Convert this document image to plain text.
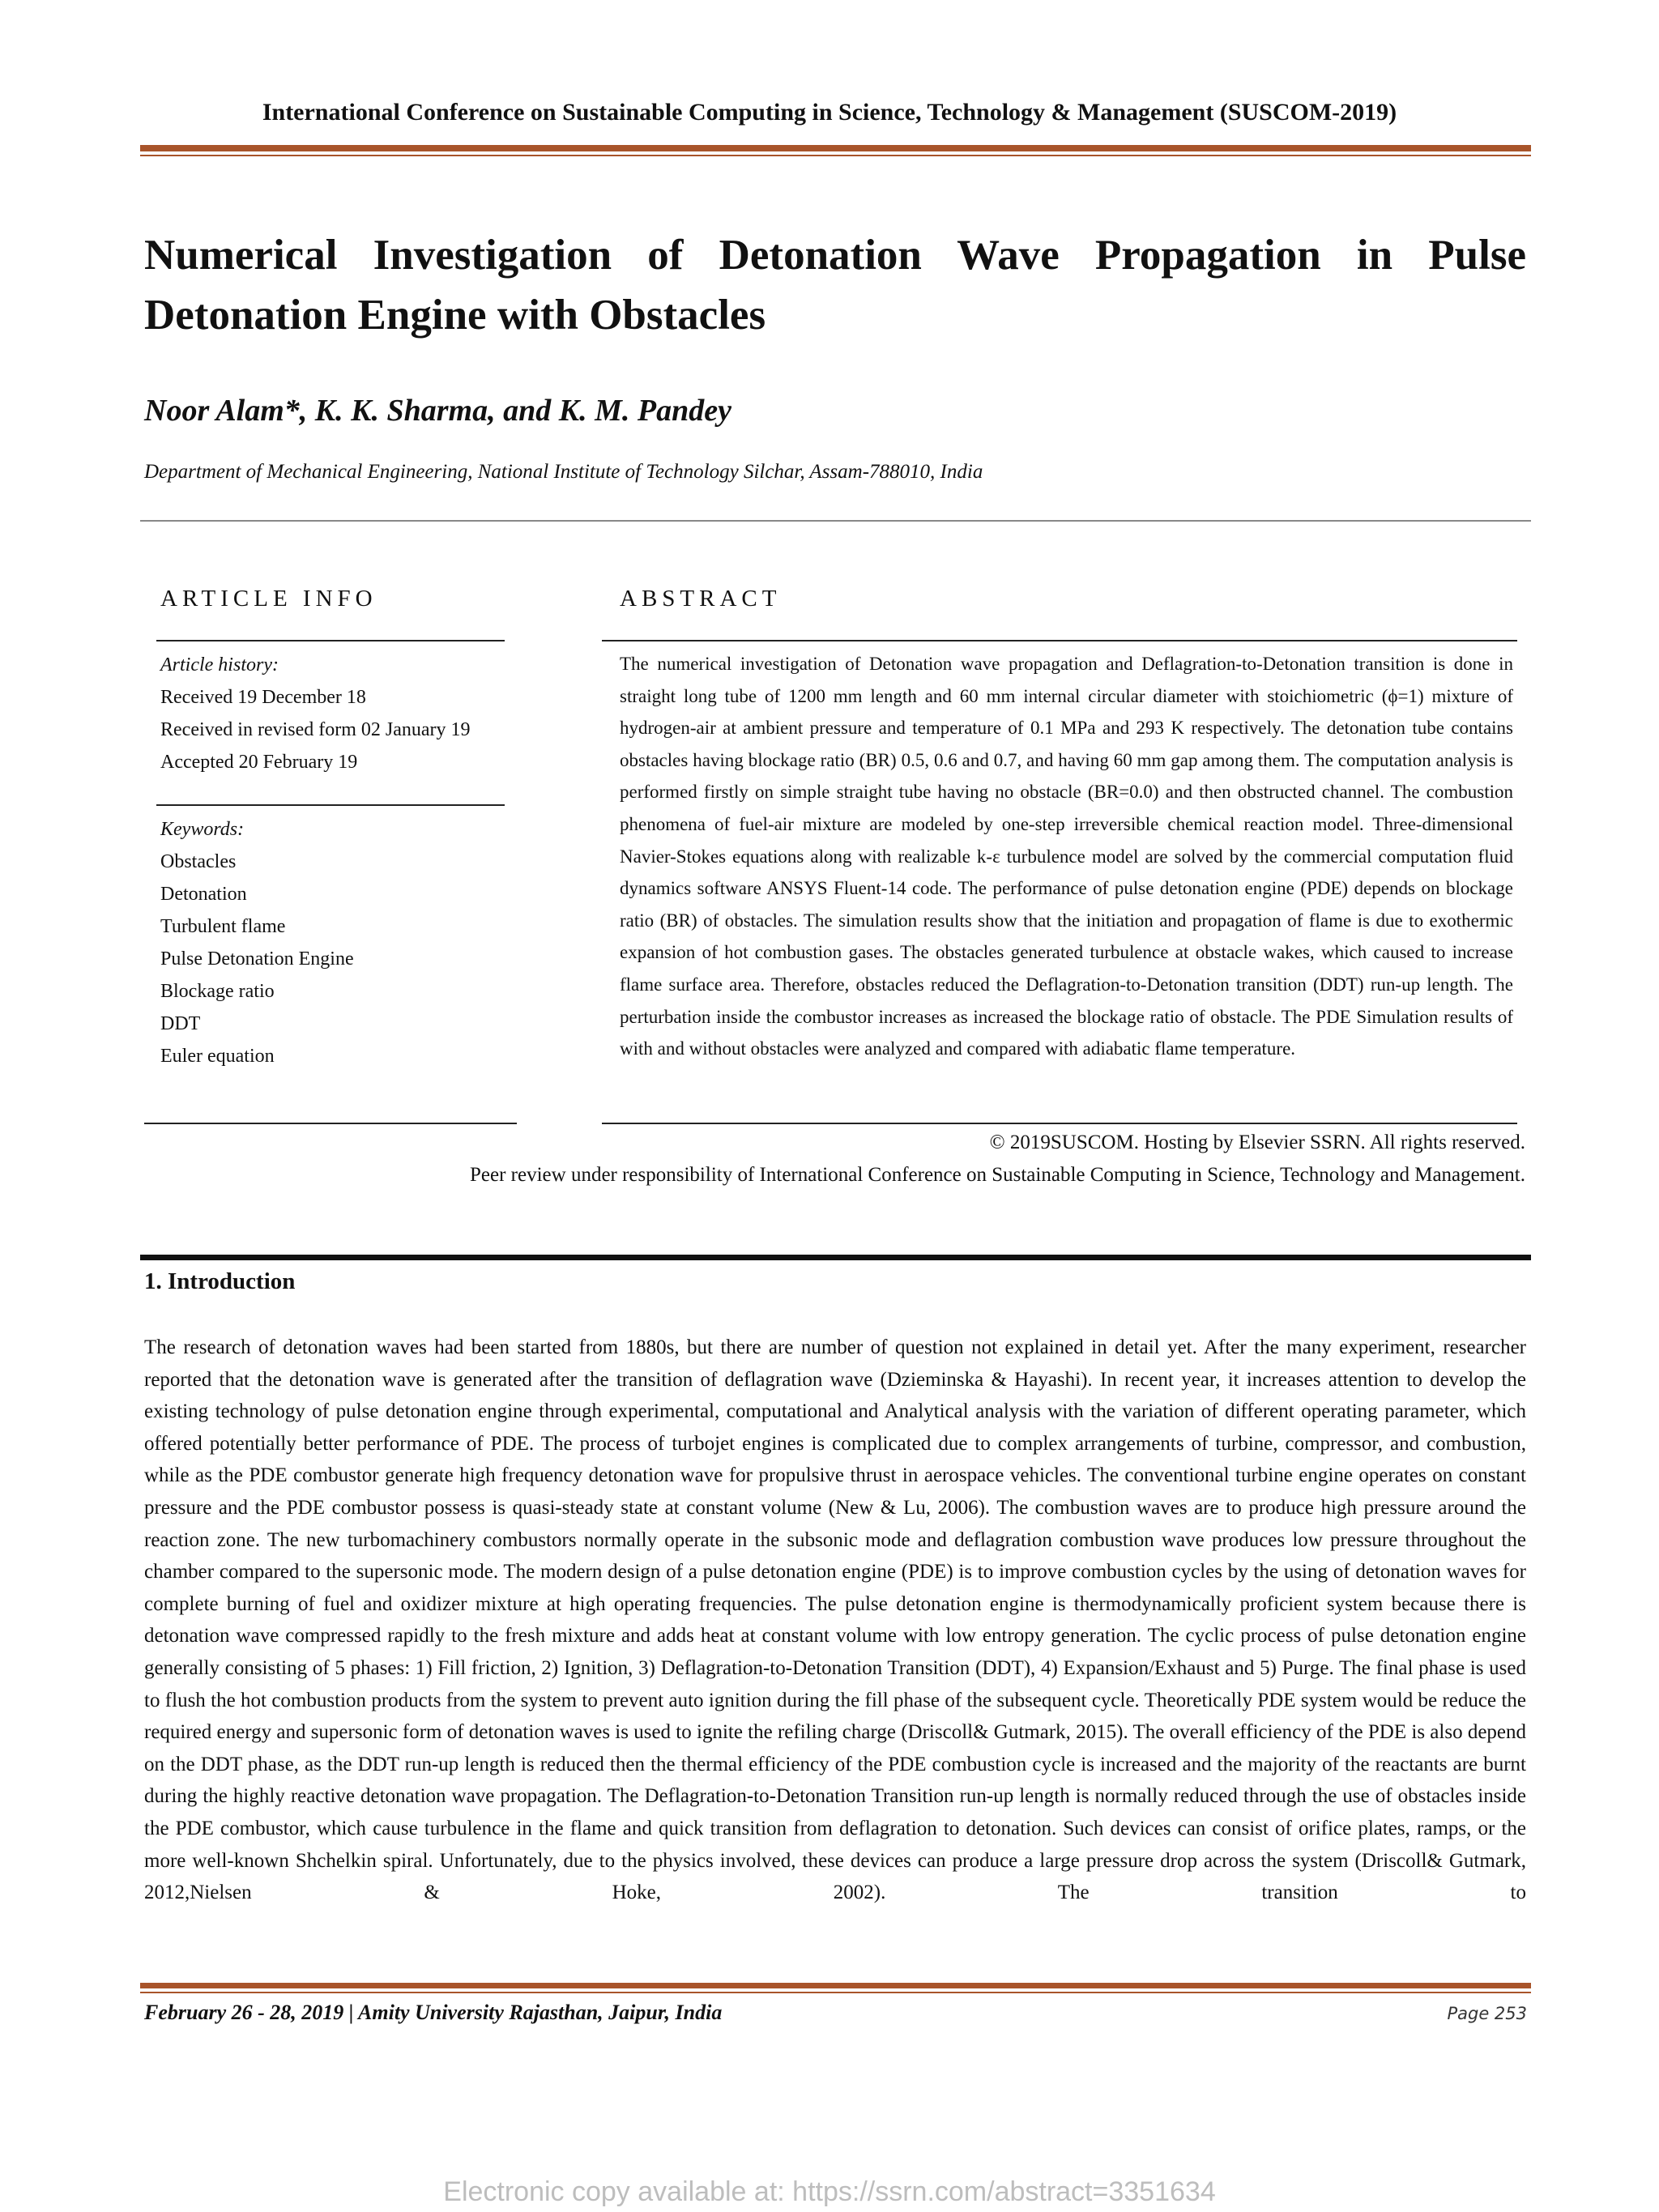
International Conference on Sustainable Computing in Science, Technology & Management (SUSCOM-2019)
Numerical Investigation of Detonation Wave Propagation in Pulse Detonation Engine with Obstacles
Noor Alam*, K. K. Sharma, and K. M. Pandey
Department of Mechanical Engineering, National Institute of Technology Silchar, Assam-788010, India
ARTICLE INFO	ABSTRACT
Article history:
Received 19 December 18
Received in revised form 02 January 19
Accepted 20 February 19
Keywords:
Obstacles
Detonation
Turbulent flame
Pulse Detonation Engine
Blockage ratio
DDT
Euler equation
The numerical investigation of Detonation wave propagation and Deflagration-to-Detonation transition is done in straight long tube of 1200 mm length and 60 mm internal circular diameter with stoichiometric (ϕ=1) mixture of hydrogen-air at ambient pressure and temperature of 0.1 MPa and 293 K respectively. The detonation tube contains obstacles having blockage ratio (BR) 0.5, 0.6 and 0.7, and having 60 mm gap among them. The computation analysis is performed firstly on simple straight tube having no obstacle (BR=0.0) and then obstructed channel. The combustion phenomena of fuel-air mixture are modeled by one-step irreversible chemical reaction model. Three-dimensional Navier-Stokes equations along with realizable k-ε turbulence model are solved by the commercial computation fluid dynamics software ANSYS Fluent-14 code. The performance of pulse detonation engine (PDE) depends on blockage ratio (BR) of obstacles. The simulation results show that the initiation and propagation of flame is due to exothermic expansion of hot combustion gases. The obstacles generated turbulence at obstacle wakes, which caused to increase flame surface area. Therefore, obstacles reduced the Deflagration-to-Detonation transition (DDT) run-up length. The perturbation inside the combustor increases as increased the blockage ratio of obstacle. The PDE Simulation results of with and without obstacles were analyzed and compared with adiabatic flame temperature.
© 2019SUSCOM. Hosting by Elsevier SSRN. All rights reserved.
Peer review under responsibility of International Conference on Sustainable Computing in Science, Technology and Management.
1. Introduction
The research of detonation waves had been started from 1880s, but there are number of question not explained in detail yet. After the many experiment, researcher reported that the detonation wave is generated after the transition of deflagration wave (Dzieminska & Hayashi). In recent year, it increases attention to develop the existing technology of pulse detonation engine through experimental, computational and Analytical analysis with the variation of different operating parameter, which offered potentially better performance of PDE. The process of turbojet engines is complicated due to complex arrangements of turbine, compressor, and combustion, while as the PDE combustor generate high frequency detonation wave for propulsive thrust in aerospace vehicles. The conventional turbine engine operates on constant pressure and the PDE combustor possess is quasi-steady state at constant volume (New & Lu, 2006). The combustion waves are to produce high pressure around the reaction zone. The new turbomachinery combustors normally operate in the subsonic mode and deflagration combustion wave produces low pressure throughout the chamber compared to the supersonic mode. The modern design of a pulse detonation engine (PDE) is to improve combustion cycles by the using of detonation waves for complete burning of fuel and oxidizer mixture at high operating frequencies. The pulse detonation engine is thermodynamically proficient system because there is detonation wave compressed rapidly to the fresh mixture and adds heat at constant volume with low entropy generation. The cyclic process of pulse detonation engine generally consisting of 5 phases: 1) Fill friction, 2) Ignition, 3) Deflagration-to-Detonation Transition (DDT), 4) Expansion/Exhaust and 5) Purge. The final phase is used to flush the hot combustion products from the system to prevent auto ignition during the fill phase of the subsequent cycle. Theoretically PDE system would be reduce the required energy and supersonic form of detonation waves is used to ignite the refiling charge (Driscoll& Gutmark, 2015). The overall efficiency of the PDE is also depend on the DDT phase, as the DDT run-up length is reduced then the thermal efficiency of the PDE combustion cycle is increased and the majority of the reactants are burnt during the highly reactive detonation wave propagation. The Deflagration-to-Detonation Transition run-up length is normally reduced through the use of obstacles inside the PDE combustor, which cause turbulence in the flame and quick transition from deflagration to detonation. Such devices can consist of orifice plates, ramps, or the more well-known Shchelkin spiral. Unfortunately, due to the physics involved, these devices can produce a large pressure drop across the system (Driscoll& Gutmark, 2012,Nielsen & Hoke, 2002). The transition to
February 26 - 28, 2019 | Amity University Rajasthan, Jaipur, India	Page 253
Electronic copy available at: https://ssrn.com/abstract=3351634
